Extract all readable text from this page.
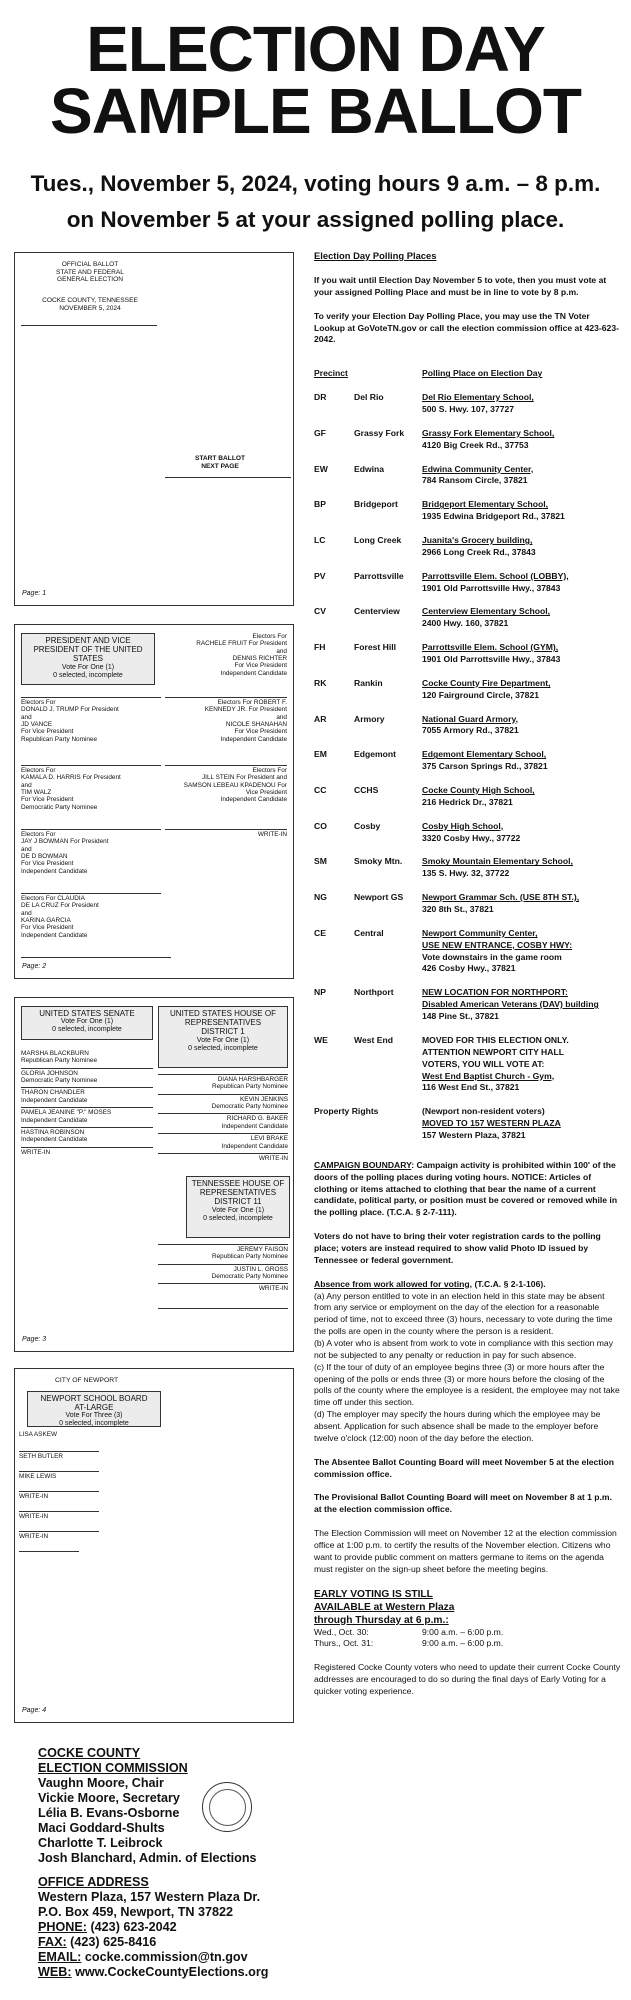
ELECTION DAY
SAMPLE BALLOT
Tues., November 5, 2024, voting hours 9 a.m. – 8 p.m.
on November 5 at your assigned polling place.
OFFICIAL BALLOT
STATE AND FEDERAL
GENERAL ELECTION
COCKE COUNTY, TENNESSEE
NOVEMBER 5, 2024
START BALLOT
NEXT PAGE
Page: 1
PRESIDENT AND VICE
PRESIDENT OF THE UNITED
STATES
Vote For One (1)
0 selected, incomplete
Electors For
RACHELE FRUIT For President
and
DENNIS RICHTER
For Vice President
Independent Candidate
Electors For
DONALD J. TRUMP For President
and
JD VANCE
For Vice President
Republican Party Nominee
Electors For ROBERT F.
KENNEDY JR. For President
and
NICOLE SHANAHAN
For Vice President
Independent Candidate
Electors For
KAMALA D. HARRIS For President
and
TIM WALZ
For Vice President
Democratic Party Nominee
Electors For
JILL STEIN For President and
SAMSON LEBEAU KPADENOU For
Vice President
Independent Candidate
WRITE-IN
Electors For
JAY J BOWMAN For President
and
DE D BOWMAN
For Vice President
Independent Candidate
Electors For CLAUDIA
DE LA CRUZ For President
and
KARINA GARCIA
For Vice President
Independent Candidate
Page: 2
UNITED STATES SENATE
Vote For One (1)
0 selected, incomplete
UNITED STATES HOUSE OF
REPRESENTATIVES
DISTRICT 1
Vote For One (1)
0 selected, incomplete
MARSHA BLACKBURN
Republican Party Nominee
GLORIA JOHNSON
Democratic Party Nominee
THARON CHANDLER
Independent Candidate
PAMELA JEANINE "P." MOSES
Independent Candidate
HASTINA ROBINSON
Independent Candidate
WRITE-IN
DIANA HARSHBARGER
Republican Party Nominee
KEVIN JENKINS
Democratic Party Nominee
RICHARD G. BAKER
Independent Candidate
LEVI BRAKE
Independent Candidate
WRITE-IN
TENNESSEE HOUSE OF
REPRESENTATIVES
DISTRICT 11
Vote For One (1)
0 selected, incomplete
JEREMY FAISON
Republican Party Nominee
JUSTIN L. GROSS
Democratic Party Nominee
WRITE-IN
Page: 3
CITY OF NEWPORT
NEWPORT SCHOOL BOARD
AT-LARGE
Vote For Three (3)
0 selected, incomplete
LISA ASKEW
SETH BUTLER
MIKE LEWIS
WRITE-IN
WRITE-IN
WRITE-IN
Page: 4
COCKE COUNTY
ELECTION COMMISSION
Vaughn Moore, Chair
Vickie Moore, Secretary
Lélia B. Evans-Osborne
Maci Goddard-Shults
Charlotte T. Leibrock
Josh Blanchard, Admin. of Elections
OFFICE ADDRESS
Western Plaza, 157 Western Plaza Dr.
P.O. Box 459, Newport, TN 37822
PHONE: (423) 623-2042
FAX: (423) 625-8416
EMAIL: cocke.commission@tn.gov
WEB: www.CockeCountyElections.org
Election Day Polling Places
If you wait until Election Day November 5 to vote, then you must vote at your assigned Polling Place and must be in line to vote by 8 p.m.
To verify your Election Day Polling Place, you may use the TN Voter Lookup at GoVoteTN.gov or call the election commission office at 423-623-2042.
Precinct	Polling Place on Election Day
DR	Del Rio	Del Rio Elementary School,
500 S. Hwy. 107, 37727
GF	Grassy Fork	Grassy Fork Elementary School,
4120 Big Creek Rd., 37753
EW	Edwina	Edwina Community Center,
784 Ransom Circle, 37821
BP	Bridgeport	Bridgeport Elementary School,
1935 Edwina Bridgeport Rd., 37821
LC	Long Creek	Juanita's Grocery building,
2966 Long Creek Rd., 37843
PV	Parrottsville	Parrottsville Elem. School (LOBBY),
1901 Old Parrottsville Hwy., 37843
CV	Centerview	Centerview Elementary School,
2400 Hwy. 160, 37821
FH	Forest Hill	Parrottsville Elem. School (GYM),
1901 Old Parrottsville Hwy., 37843
RK	Rankin	Cocke County Fire Department,
120 Fairground Circle, 37821
AR	Armory	National Guard Armory,
7055 Armory Rd., 37821
EM	Edgemont	Edgemont Elementary School,
375 Carson Springs Rd., 37821
CC	CCHS	Cocke County High School,
216 Hedrick Dr., 37821
CO	Cosby	Cosby High School,
3320 Cosby Hwy., 37722
SM	Smoky Mtn.	Smoky Mountain Elementary School,
135 S. Hwy. 32, 37722
NG	Newport GS	Newport Grammar Sch. (USE 8TH ST.),
320 8th St., 37821
CE	Central	Newport Community Center,
USE NEW ENTRANCE, COSBY HWY:
Vote downstairs in the game room
426 Cosby Hwy., 37821
NP	Northport	NEW LOCATION FOR NORTHPORT:
Disabled American Veterans (DAV) building
148 Pine St., 37821
WE	West End	MOVED FOR THIS ELECTION ONLY.
ATTENTION NEWPORT CITY HALL
VOTERS, YOU WILL VOTE AT:
West End Baptist Church - Gym,
116 West End St., 37821
Property Rights	(Newport non-resident voters)
MOVED TO 157 WESTERN PLAZA
157 Western Plaza, 37821
CAMPAIGN BOUNDARY: Campaign activity is prohibited within 100' of the doors of the polling places during voting hours. NOTICE: Articles of clothing or items attached to clothing that bear the name of a current candidate, political party, or position must be covered or removed while in the polling place. (T.C.A. § 2-7-111).
Voters do not have to bring their voter registration cards to the polling place; voters are instead required to show valid Photo ID issued by Tennessee or federal government.
Absence from work allowed for voting, (T.C.A. § 2-1-106).
(a) Any person entitled to vote in an election held in this state may be absent from any service or employment on the day of the election for a reasonable period of time, not to exceed three (3) hours, necessary to vote during the time the polls are open in the county where the person is a resident.
(b) A voter who is absent from work to vote in compliance with this section may not be subjected to any penalty or reduction in pay for such absence.
(c) If the tour of duty of an employee begins three (3) or more hours after the opening of the polls or ends three (3) or more hours before the closing of the polls of the county where the employee is a resident, the employee may not take time off under this section.
(d) The employer may specify the hours during which the employee may be absent. Application for such absence shall be made to the employer before twelve o'clock (12:00) noon of the day before the election.
The Absentee Ballot Counting Board will meet November 5 at the election commission office.
The Provisional Ballot Counting Board will meet on November 8 at 1 p.m. at the election commission office.
The Election Commission will meet on November 12 at the election commission office at 1:00 p.m. to certify the results of the November election. Citizens who want to provide public comment on matters germane to items on the agenda must register on the sign-up sheet before the meeting begins.
EARLY VOTING IS STILL
AVAILABLE at Western Plaza
through Thursday at 6 p.m.:
Wed., Oct. 30:	9:00 a.m. – 6:00 p.m.
Thurs., Oct. 31:	9:00 a.m. – 6:00 p.m.
Registered Cocke County voters who need to update their current Cocke County addresses are encouraged to do so during the final days of Early Voting for a quicker voting experience.
